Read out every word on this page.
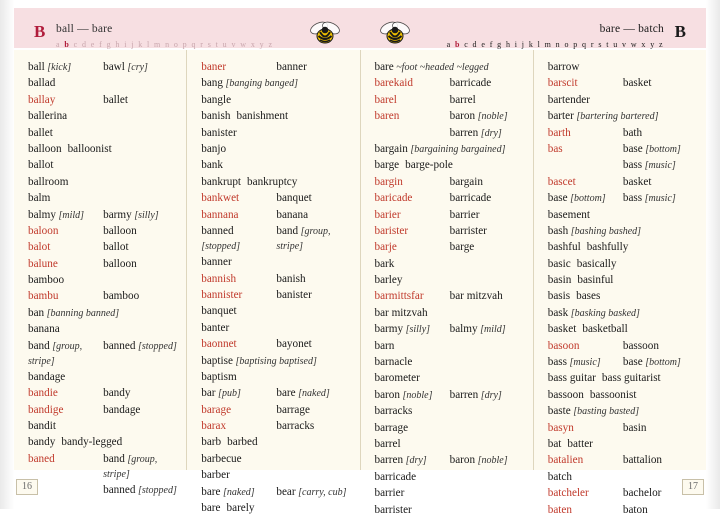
B	B
ball — bare	bare — batch
a b c d e f g h i j k l m n o p q r s t u v w x y z	a b c d e f g h i j k l m n o p q r s t u v w x y z

ball [kick]	bawl [cry]
ballad
ballay	ballet
ballerina
ballet
balloon balloonist
ballot
ballroom
balm
balmy [mild]	barmy [silly]
baloon	balloon
balot	ballot
balune	balloon
bamboo
bambu	bamboo
ban [banning banned]
banana
band [group, stripe]
banned [stopped]
bandage
bandie	bandy
bandige	bandage
bandit
bandy bandy-legged
baned	band [group, stripe]
banned [stopped]
baner	banner
bang [banging banged]
bangle
banish banishment
banister
banjo
bank
bankrupt bankruptcy
bankwet	banquet
bannana	banana
banned [stopped]
band [group, stripe]
banner
bannish	banish
bannister	banister
banquet
banter
baonnet	bayonet
baptise [baptising baptised]
baptism
bar [pub]	bare [naked]
barage	barrage
barax	barracks
barb barbed
barbecue
barber
bare [naked]	bear [carry, cub]
bare barely
bare ~foot ~headed ~legged
barekaid	barricade
barel	barrel
baren	baron [noble]
barren [dry]
bargain [bargaining bargained]
barge barge-pole
bargin	bargain
baricade	barricade
barier	barrier
barister	barrister
barje	barge
bark
barley
barmittsfar	bar mitzvah
bar mitzvah
barmy [silly]	balmy [mild]
barn
barnacle
barometer
baron [noble]	barren [dry]
barracks
barrage
barrel
barren [dry]	baron [noble]
barricade
barrier
barrister
barrow
barscit	basket
bartender
barter [bartering bartered]
barth	bath
bas	base [bottom]
bass [music]
bascet	basket
base [bottom]	bass [music]
basement
bash [bashing bashed]
bashful bashfully
basic basically
basin basinful
basis bases
bask [basking basked]
basket basketball
basoon	bassoon
bass [music]	base [bottom]
bass guitar bass guitarist
bassoon bassoonist
baste [basting basted]
basyn	basin
bat batter
batalien	battalion
batch
batcheler	bachelor
baten	baton
16	17
